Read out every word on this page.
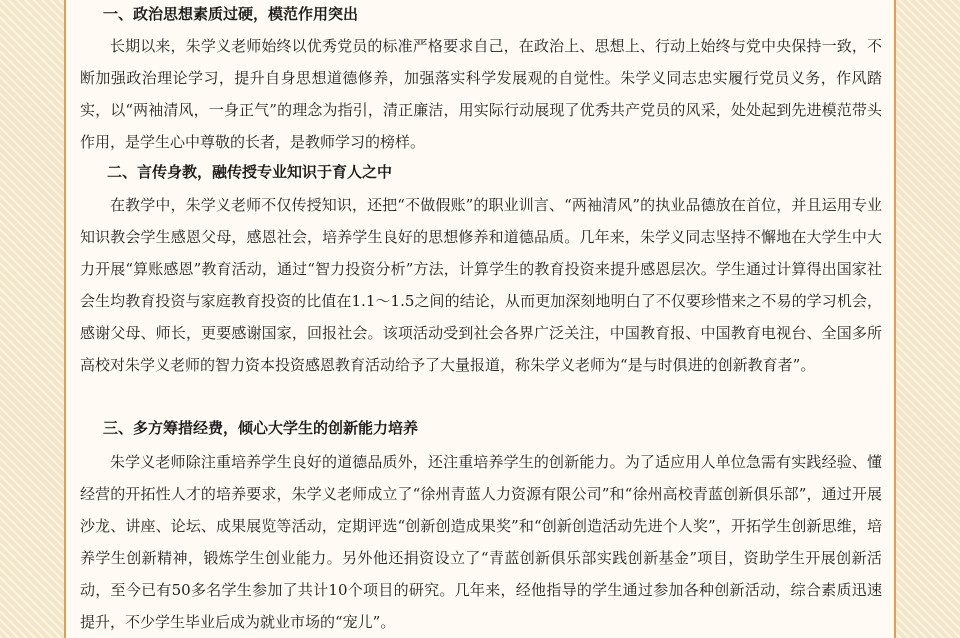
一、政治思想素质过硬，模范作用突出
长期以来，朱学义老师始终以优秀党员的标准严格要求自己，在政治上、思想上、行动上始终与党中央保持一致，不断加强政治理论学习，提升自身思想道德修养，加强落实科学发展观的自觉性。朱学义同志忠实履行党员义务，作风踏实，以“两袖清风，一身正气”的理念为指引，清正廉洁，用实际行动展现了优秀共产党员的风采，处处起到先进模范带头作用，是学生心中尊敬的长者，是教师学习的榜样。
二、言传身教，融传授专业知识于育人之中
在教学中，朱学义老师不仅传授知识，还把“不做假账”的职业训言、“两袖清风”的执业品德放在首位，并且运用专业知识教会学生感恩父母，感恩社会，培养学生良好的思想修养和道德品质。几年来，朱学义同志坚持不懈地在大学生中大力开展“算账感恩”教育活动，通过“智力投资分析”方法，计算学生的教育投资来提升感恩层次。学生通过计算得出国家社会生均教育投资与家庭教育投资的比值在1.1～1.5之间的结论，从而更加深刻地明白了不仅要珍惜来之不易的学习机会，感谢父母、师长，更要感谢国家，回报社会。该项活动受到社会各界广泛关注，中国教育报、中国教育电视台、全国多所高校对朱学义老师的智力资本投资感恩教育活动给予了大量报道，称朱学义老师为“是与时俱进的创新教育者”。
三、多方筹措经费，倾心大学生的创新能力培养
朱学义老师除注重培养学生良好的道德品质外，还注重培养学生的创新能力。为了适应用人单位急需有实践经验、懂经营的开拓性人才的培养要求，朱学义老师成立了“徐州青蓝人力资源有限公司”和“徐州高校青蓝创新俱乐部”，通过开展沙龙、讲座、论坛、成果展览等活动，定期评选“创新创造成果奖”和“创新创造活动先进个人奖”，开拓学生创新思维，培养学生创新精神，锻炼学生创业能力。另外他还捐资设立了“青蓝创新俱乐部实践创新基金”项目，资助学生开展创新活动，至今已有50多名学生参加了共计10个项目的研究。几年来，经他指导的学生通过参加各种创新活动，综合素质迅速提升，不少学生毕业后成为就业市场的“宠儿”。
